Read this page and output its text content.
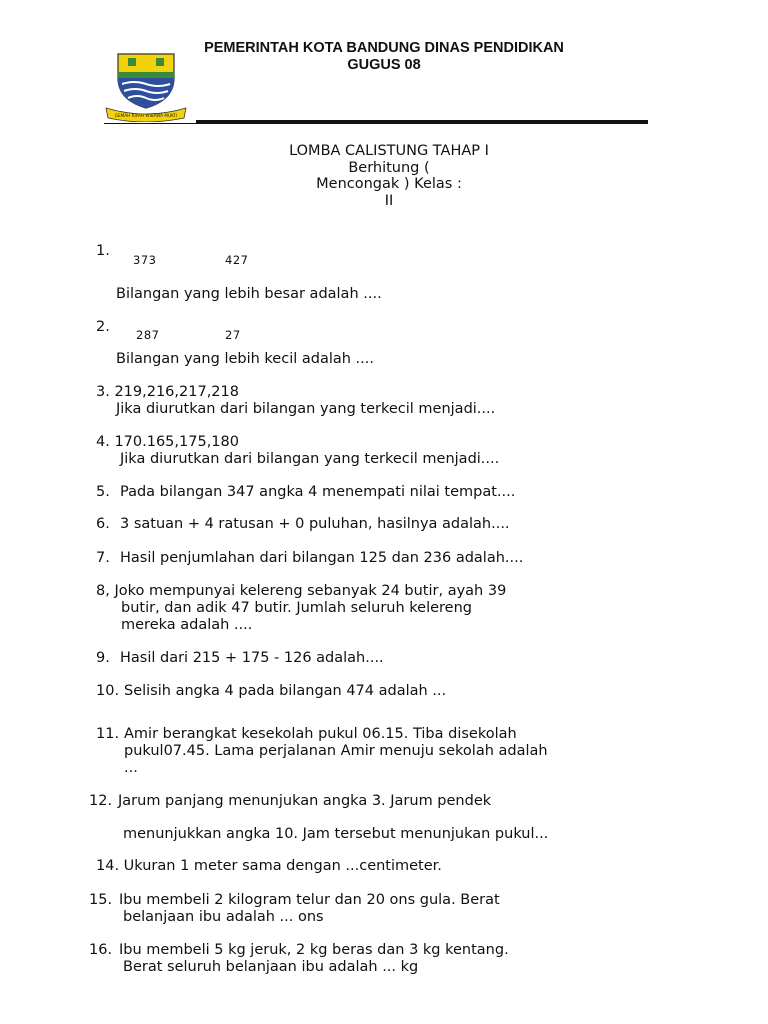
PEMERINTAH KOTA BANDUNG DINAS PENDIDIKAN
GUGUS 08
GEMAH RIPAH WIBAWA MUKTI
LOMBA CALISTUNG TAHAP I
Berhitung (
Mencongak ) Kelas :
II
1.
373	427
Bilangan yang lebih besar adalah ....
2. 287	27
Bilangan yang lebih kecil adalah ....
3. 219,216,217,218
Jika diurutkan dari bilangan yang terkecil menjadi....
4. 170.165,175,180
Jika diurutkan dari bilangan yang terkecil menjadi....
5. Pada bilangan 347 angka 4 menempati nilai tempat....
6. 3 satuan + 4 ratusan + 0 puluhan, hasilnya adalah....
7. Hasil penjumlahan dari bilangan 125 dan 236 adalah....
8, Joko mempunyai kelereng sebanyak 24 butir, ayah 39
butir, dan adik 47 butir. Jumlah seluruh kelereng
mereka adalah ....
9. Hasil dari 215 + 175 - 126 adalah....
10. Selisih angka 4 pada bilangan 474 adalah ...
11. Amir berangkat kesekolah pukul 06.15. Tiba disekolah
pukul07.45. Lama perjalanan Amir menuju sekolah adalah
...
12. Jarum panjang menunjukan angka 3. Jarum pendek
menunjukkan angka 10. Jam tersebut menunjukan pukul...
14. Ukuran 1 meter sama dengan ...centimeter.
15. Ibu membeli 2 kilogram telur dan 20 ons gula. Berat
belanjaan ibu adalah ... ons
16. Ibu membeli 5 kg jeruk, 2 kg beras dan 3 kg kentang.
Berat seluruh belanjaan ibu adalah ... kg
